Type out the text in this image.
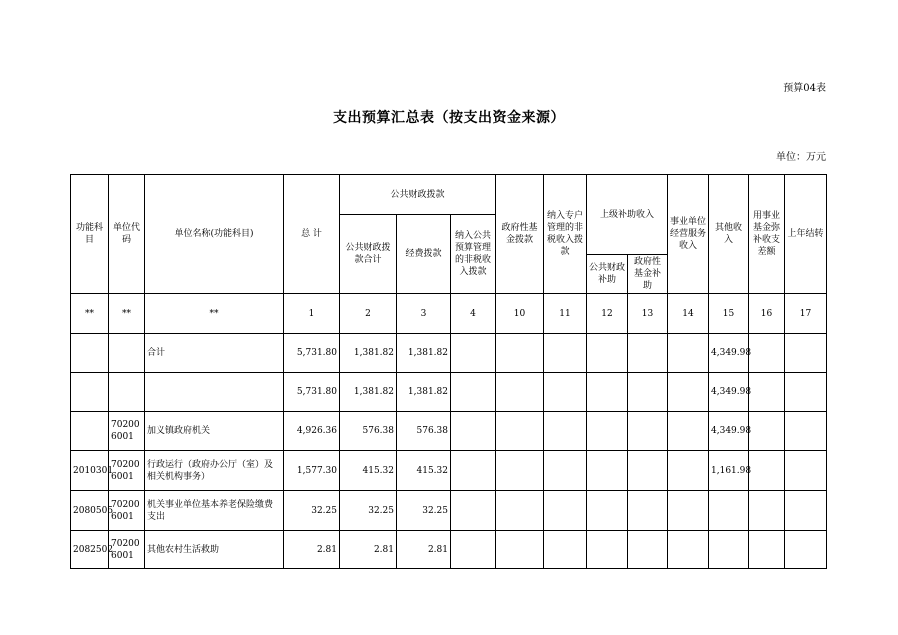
预算04表
支出预算汇总表（按支出资金来源）
单位：万元
功能科目	单位代码	单位名称(功能科目)	总 计	公共财政拨款			政府性基金拨款	纳入专户管理的非税收入拨款	上级补助收入		事业单位经营服务收入	其他收入	用事业基金弥补收支差额	上年结转
				公共财政拨款合计	经费拨款	纳入公共预算管理的非税收入拨款								
									公共财政补助	政府性基金补助				
**	**	**	1	2	3	4	10	11	12	13	14	15	16	17
		合计	5,731.80	1,381.82	1,381.82							4,349.98		
			5,731.80	1,381.82	1,381.82							4,349.98		
	702006001	加义镇政府机关	4,926.36	576.38	576.38							4,349.98		
2010301	702006001	行政运行（政府办公厅（室）及相关机构事务）	1,577.30	415.32	415.32							1,161.98		
2080505	702006001	机关事业单位基本养老保险缴费支出	32.25	32.25	32.25									
2082502	702006001	其他农村生活救助	2.81	2.81	2.81									
